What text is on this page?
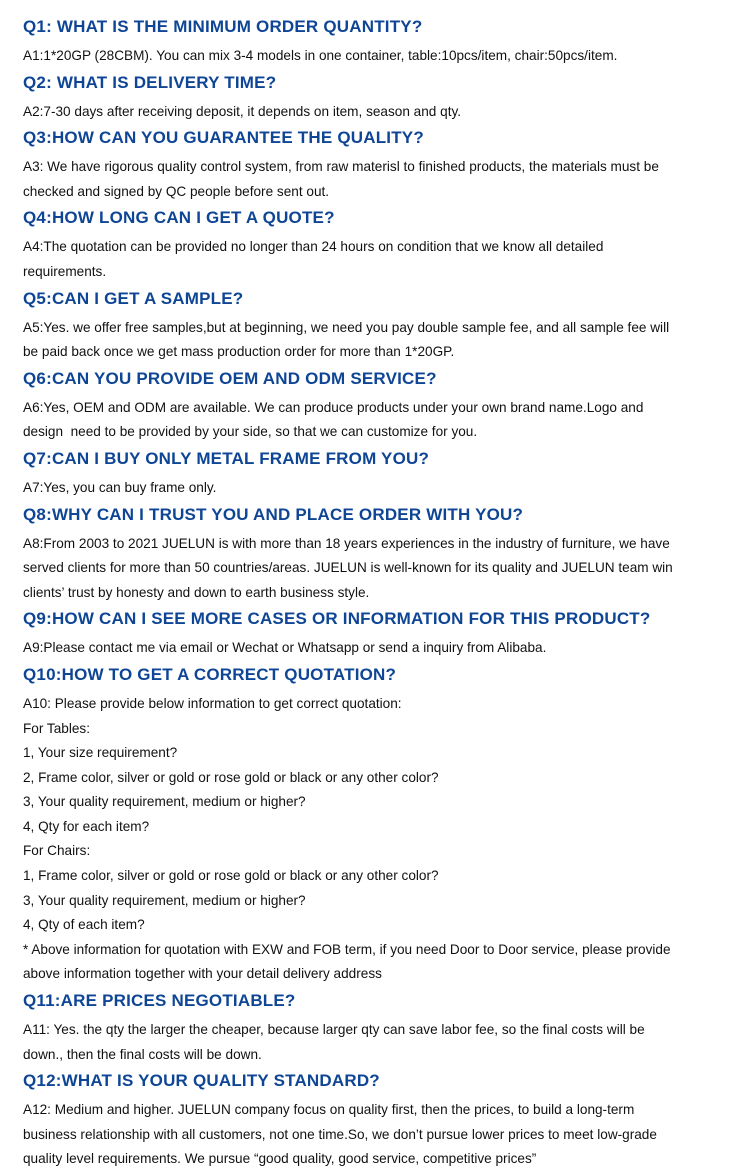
Q1: WHAT IS THE MINIMUM ORDER QUANTITY?

A1:1*20GP (28CBM). You can mix 3-4 models in one container, table:10pcs/item, chair:50pcs/item.

Q2: WHAT IS DELIVERY TIME?

A2:7-30 days after receiving deposit, it depends on item, season and qty.

Q3:HOW CAN YOU GUARANTEE THE QUALITY?

A3: We have rigorous quality control system, from raw materisl to finished products, the materials must be

checked and signed by QC people before sent out.

Q4:HOW LONG CAN I GET A QUOTE?

A4:The quotation can be provided no longer than 24 hours on condition that we know all detailed

requirements.

Q5:CAN I GET A SAMPLE?

A5:Yes. we offer free samples,but at beginning, we need you pay double sample fee, and all sample fee will

be paid back once we get mass production order for more than 1*20GP.

Q6:CAN YOU PROVIDE OEM AND ODM SERVICE?

A6:Yes, OEM and ODM are available. We can produce products under your own brand name.Logo and

design  need to be provided by your side, so that we can customize for you.

Q7:CAN I BUY ONLY METAL FRAME FROM YOU?

A7:Yes, you can buy frame only.

Q8:WHY CAN I TRUST YOU AND PLACE ORDER WITH YOU?

A8:From 2003 to 2021 JUELUN is with more than 18 years experiences in the industry of furniture, we have

served clients for more than 50 countries/areas. JUELUN is well-known for its quality and JUELUN team win

clients’ trust by honesty and down to earth business style.

Q9:HOW CAN I SEE MORE CASES OR INFORMATION FOR THIS PRODUCT?

A9:Please contact me via email or Wechat or Whatsapp or send a inquiry from Alibaba.

Q10:HOW TO GET A CORRECT QUOTATION?

A10: Please provide below information to get correct quotation:

For Tables:

1, Your size requirement?

2, Frame color, silver or gold or rose gold or black or any other color?

3, Your quality requirement, medium or higher?

4, Qty for each item?

For Chairs:

1, Frame color, silver or gold or rose gold or black or any other color?

3, Your quality requirement, medium or higher?

4, Qty of each item?

* Above information for quotation with EXW and FOB term, if you need Door to Door service, please provide

above information together with your detail delivery address

Q11:ARE PRICES NEGOTIABLE?

A11: Yes. the qty the larger the cheaper, because larger qty can save labor fee, so the final costs will be

down., then the final costs will be down.

Q12:WHAT IS YOUR QUALITY STANDARD?

A12: Medium and higher. JUELUN company focus on quality first, then the prices, to build a long-term

business relationship with all customers, not one time.So, we don’t pursue lower prices to meet low-grade

quality level requirements. We pursue “good quality, good service, competitive prices”
